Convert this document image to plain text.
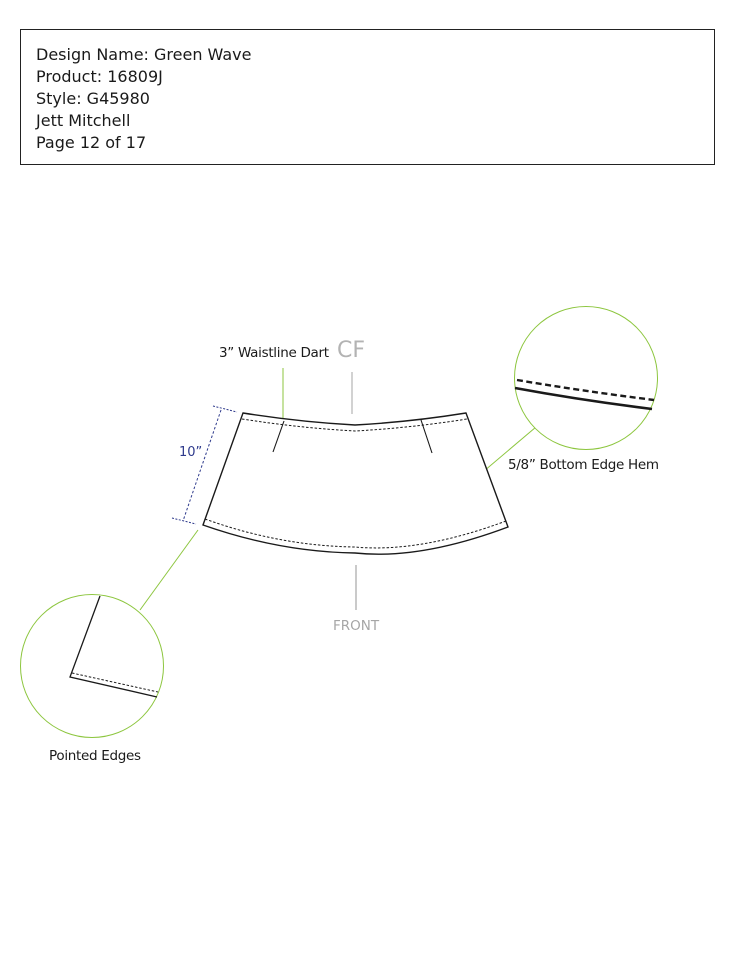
Design Name: Green Wave
Product: 16809J
Style: G45980
Jett Mitchell
Page 12 of 17
3” Waistline Dart CF
5/8” Bottom Edge Hem
FRONT
10”
Pointed Edges
